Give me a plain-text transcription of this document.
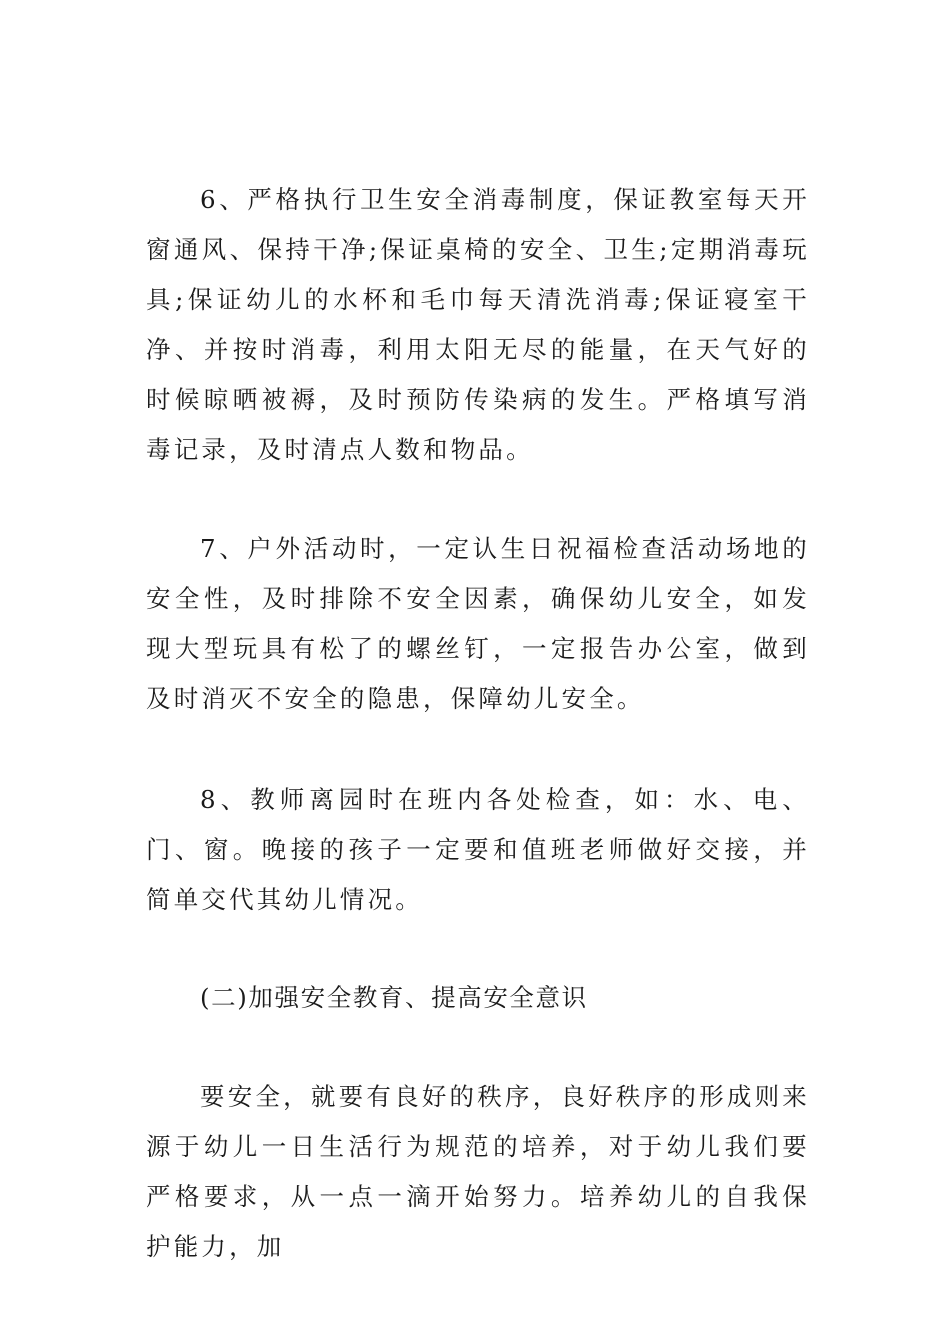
6、严格执行卫生安全消毒制度，保证教室每天开窗通风、保持干净;保证桌椅的安全、卫生;定期消毒玩具;保证幼儿的水杯和毛巾每天清洗消毒;保证寝室干净、并按时消毒，利用太阳无尽的能量，在天气好的时候晾晒被褥，及时预防传染病的发生。严格填写消毒记录，及时清点人数和物品。

7、户外活动时，一定认生日祝福检查活动场地的安全性，及时排除不安全因素，确保幼儿安全，如发现大型玩具有松了的螺丝钉，一定报告办公室，做到及时消灭不安全的隐患，保障幼儿安全。

8、教师离园时在班内各处检查，如：水、电、门、窗。晚接的孩子一定要和值班老师做好交接，并简单交代其幼儿情况。

(二)加强安全教育、提高安全意识

要安全，就要有良好的秩序，良好秩序的形成则来源于幼儿一日生活行为规范的培养，对于幼儿我们要严格要求，从一点一滴开始努力。培养幼儿的自我保护能力，加
